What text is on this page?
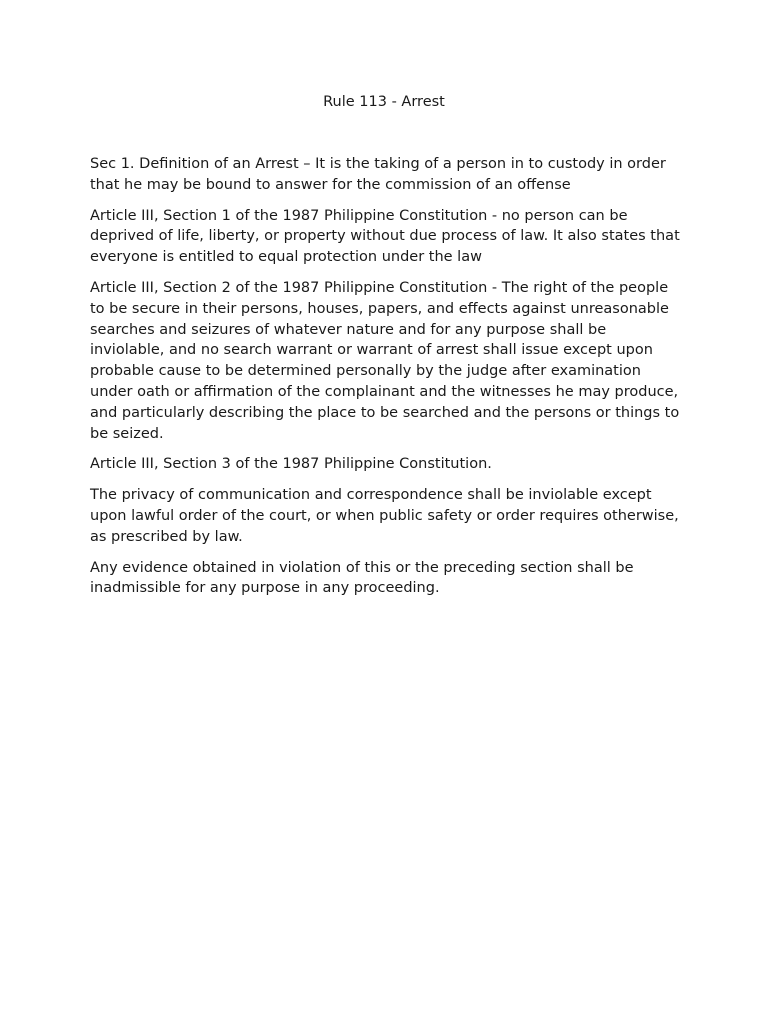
Rule 113 - Arrest

Sec 1. Definition of an Arrest – It is the taking of a person in to custody in order that he may be bound to answer for the commission of an offense

Article III, Section 1 of the 1987 Philippine Constitution - no person can be deprived of life, liberty, or property without due process of law. It also states that everyone is entitled to equal protection under the law

Article III, Section 2 of the 1987 Philippine Constitution - The right of the people to be secure in their persons, houses, papers, and effects against unreasonable searches and seizures of whatever nature and for any purpose shall be inviolable, and no search warrant or warrant of arrest shall issue except upon probable cause to be determined personally by the judge after examination under oath or affirmation of the complainant and the witnesses he may produce, and particularly describing the place to be searched and the persons or things to be seized.

Article III, Section 3 of the 1987 Philippine Constitution.

The privacy of communication and correspondence shall be inviolable except upon lawful order of the court, or when public safety or order requires otherwise, as prescribed by law.

Any evidence obtained in violation of this or the preceding section shall be inadmissible for any purpose in any proceeding.
